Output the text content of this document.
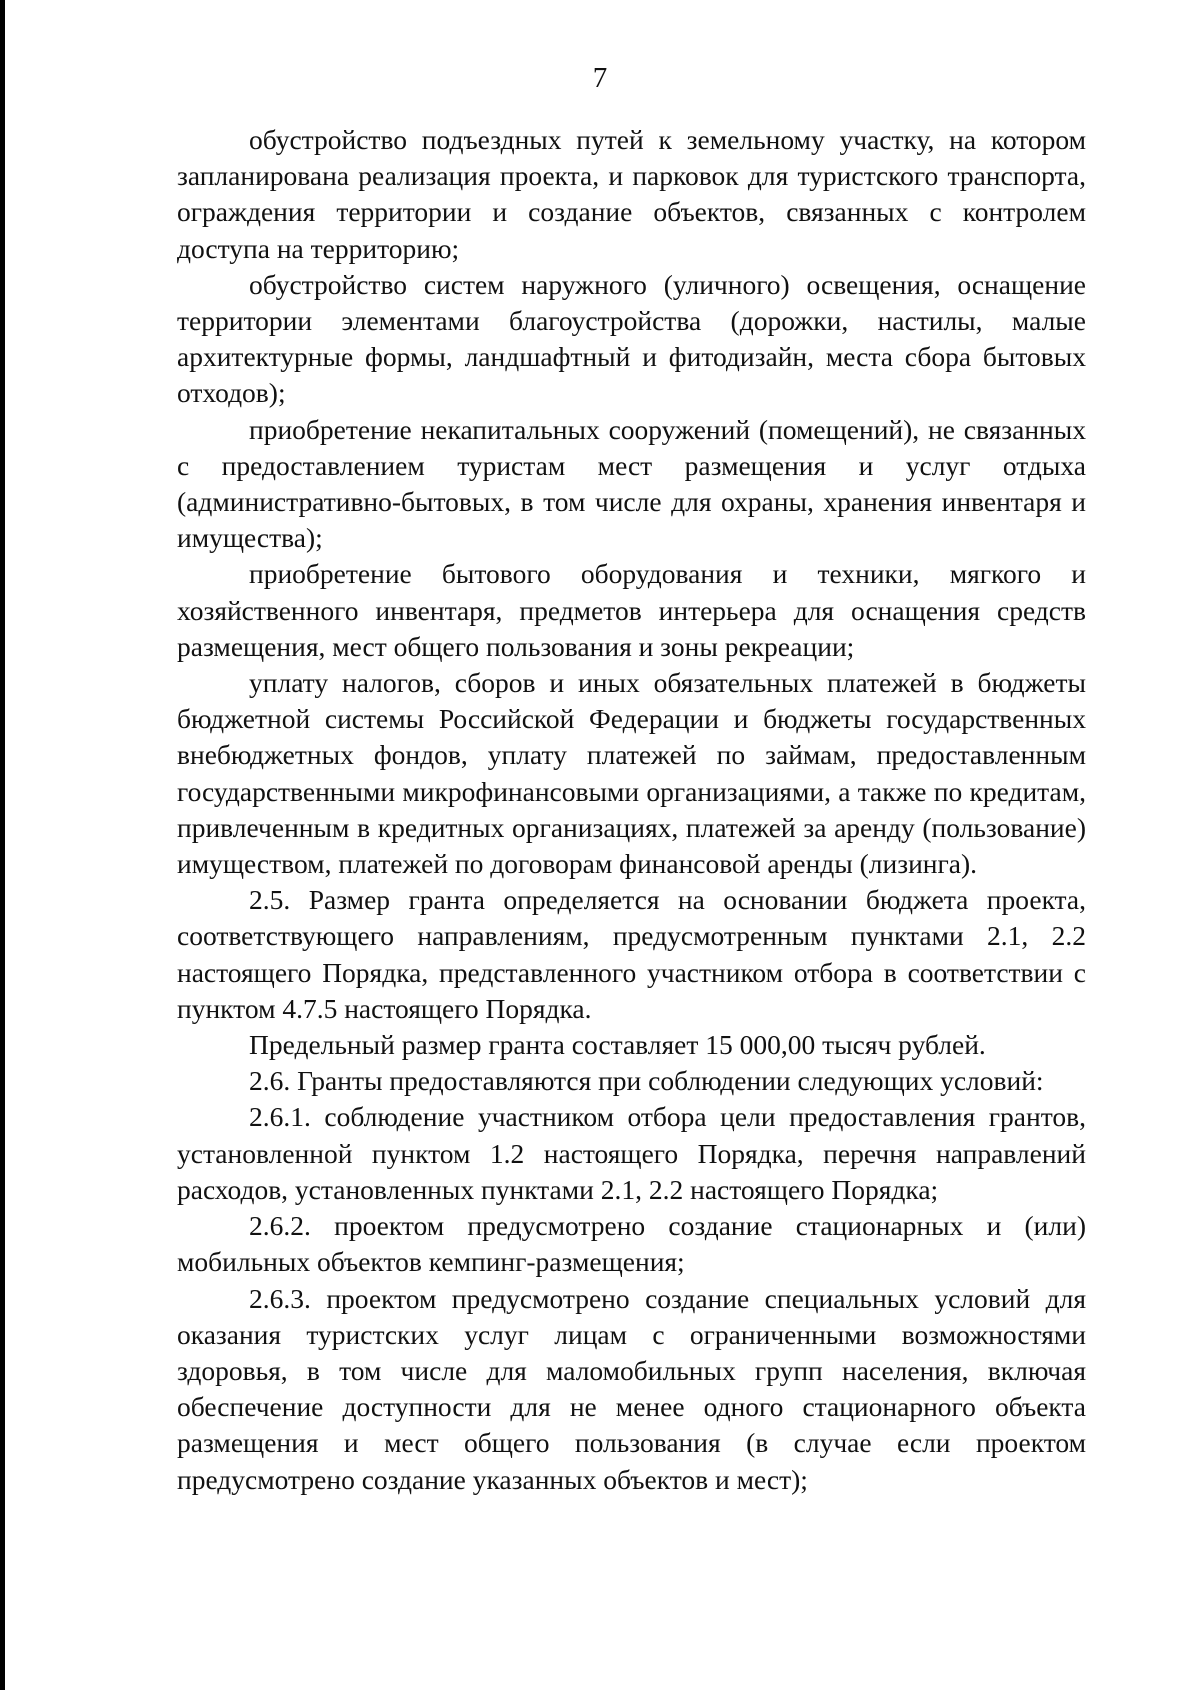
7

обустройство подъездных путей к земельному участку, на котором запланирована реализация проекта, и парковок для туристского транспорта, ограждения территории и создание объектов, связанных с контролем доступа на территорию;

обустройство систем наружного (уличного) освещения, оснащение территории элементами благоустройства (дорожки, настилы, малые архитектурные формы, ландшафтный и фитодизайн, места сбора бытовых отходов);

приобретение некапитальных сооружений (помещений), не связанных с предоставлением туристам мест размещения и услуг отдыха (административно-бытовых, в том числе для охраны, хранения инвентаря и имущества);

приобретение бытового оборудования и техники, мягкого и хозяйственного инвентаря, предметов интерьера для оснащения средств размещения, мест общего пользования и зоны рекреации;

уплату налогов, сборов и иных обязательных платежей в бюджеты бюджетной системы Российской Федерации и бюджеты государственных внебюджетных фондов, уплату платежей по займам, предоставленным государственными микрофинансовыми организациями, а также по кредитам, привлеченным в кредитных организациях, платежей за аренду (пользование) имуществом, платежей по договорам финансовой аренды (лизинга).

2.5. Размер гранта определяется на основании бюджета проекта, соответствующего направлениям, предусмотренным пунктами 2.1, 2.2 настоящего Порядка, представленного участником отбора в соответствии с пунктом 4.7.5 настоящего Порядка.

Предельный размер гранта составляет 15 000,00 тысяч рублей.

2.6. Гранты предоставляются при соблюдении следующих условий:

2.6.1. соблюдение участником отбора цели предоставления грантов, установленной пунктом 1.2 настоящего Порядка, перечня направлений расходов, установленных пунктами 2.1, 2.2 настоящего Порядка;

2.6.2. проектом предусмотрено создание стационарных и (или) мобильных объектов кемпинг-размещения;

2.6.3. проектом предусмотрено создание специальных условий для оказания туристских услуг лицам с ограниченными возможностями здоровья, в том числе для маломобильных групп населения, включая обеспечение доступности для не менее одного стационарного объекта размещения и мест общего пользования (в случае если проектом предусмотрено создание указанных объектов и мест);
